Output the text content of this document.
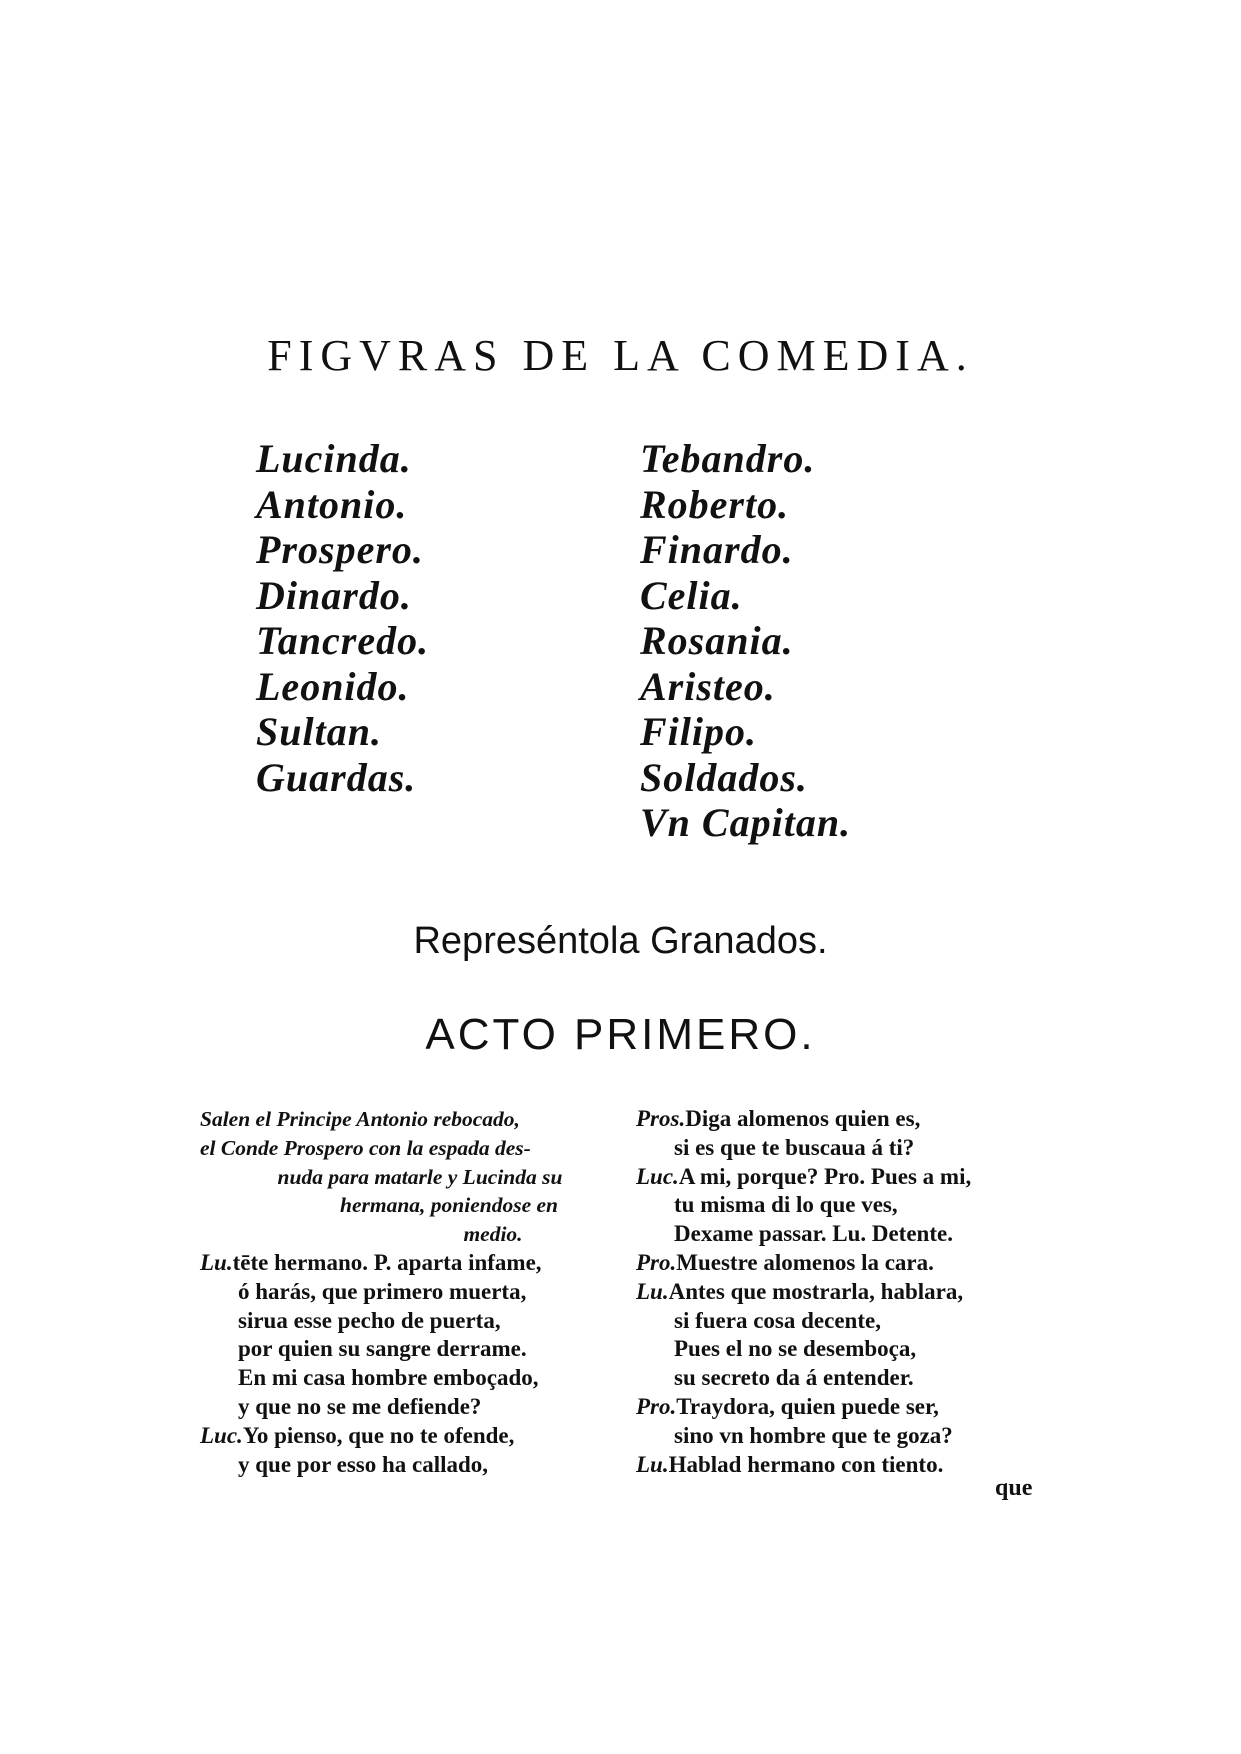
FIGVRAS DE LA COMEDIA.
Lucinda.
Antonio.
Prospero.
Dinardo.
Tancredo.
Leonido.
Sultan.
Guardas.
Tebandro.
Roberto.
Finardo.
Celia.
Rosania.
Aristeo.
Filipo.
Soldados.
Vn Capitan.
Represéntola Granados.
ACTO PRIMERO.
Salen el Principe Antonio rebocado,
el Conde Prospero con la espada des-
nuda para matarle y Lucinda su
hermana, poniendose en
medio.
Lu.tēte hermano. P. aparta infame,
ó harás, que primero muerta,
sirua esse pecho de puerta,
por quien su sangre derrame.
En mi casa hombre emboçado,
y que no se me defiende?
Luc.Yo pienso, que no te ofende,
y que por esso ha callado,
Pros.Diga alomenos quien es,
si es que te buscaua á ti?
Luc.A mi, porque? Pro. Pues a mi,
tu misma di lo que ves,
Dexame passar. Lu. Detente.
Pro.Muestre alomenos la cara.
Lu.Antes que mostrarla, hablara,
si fuera cosa decente,
Pues el no se desemboça,
su secreto da á entender.
Pro.Traydora, quien puede ser,
sino vn hombre que te goza?
Lu.Hablad hermano con tiento.
que
